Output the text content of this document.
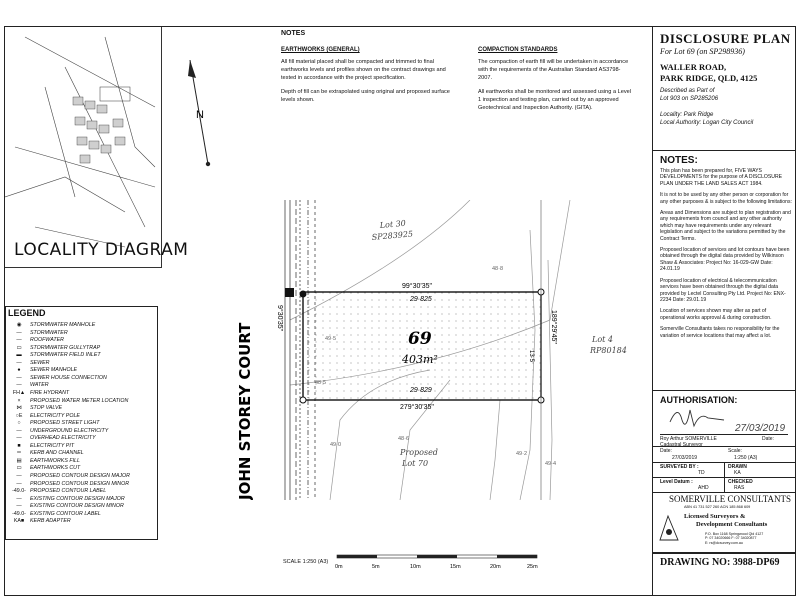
LOCALITY DIAGRAM
N
NOTES
EARTHWORKS (GENERAL)
All fill material placed shall be compacted and trimmed to final earthworks levels and profiles shown on the contract drawings and tested in accordance with the project specification.
Depth of fill can be extrapolated using original and proposed surface levels shown.
COMPACTION STANDARDS
The compaction of earth fill will be undertaken in accordance with the requirements of the Australian Standard AS3798-2007.
All earthworks shall be monitored and assessed using a Level 1 inspection and testing plan, carried out by an approved Geotechnical and Inspection Authority. (GITA).
LEGEND
◉ STORMWATER MANHOLE
— STORMWATER
— ROOFWATER
▭ STORMWATER GULLYTRAP
▬ STORMWATER FIELD INLET
— SEWER
● SEWER MANHOLE
— SEWER HOUSE CONNECTION
— WATER
FH▲ FIRE HYDRANT
× PROPOSED WATER METER LOCATION
⋈ STOP VALVE
○E ELECTRICITY POLE
○ PROPOSED STREET LIGHT
— UNDERGROUND ELECTRICITY
— OVERHEAD ELECTRICITY
■ ELECTRICITY PIT
═ KERB AND CHANNEL
▤ EARTHWORKS FILL
▭ EARTHWORKS CUT
— PROPOSED CONTOUR DESIGN MAJOR
— PROPOSED CONTOUR DESIGN MINOR
-49.0- PROPOSED CONTOUR LABEL
— EXISTING CONTOUR DESIGN MAJOR
— EXISTING CONTOUR DESIGN MINOR
-49.0- EXISTING CONTOUR LABEL
KA■ KERB ADAPTER
Lot 30
SP283925
Lot 4
RP80184
Proposed
Lot 70
69
403m²
99°30'35"
29·825
29·829
279°30'35"
189°29'45"
13·5
9°30'35"
JOHN STOREY COURT	49·5
49·0
48·5
48·6
48·8
49·2
49·4
SCALE 1:250 (A3)
0m	5m	10m	15m	20m	25m
DISCLOSURE PLAN
For Lot 69 (on SP298936)
WALLER ROAD,
PARK RIDGE, QLD, 4125
Described as Part of
Lot 903 on SP285206
Locality: Park Ridge
Local Authority: Logan City Council
NOTES:

This plan has been prepared for, FIVE WAYS DEVELOPMENTS for the purpose of A DISCLOSURE PLAN UNDER THE LAND SALES ACT 1984.

It is not to be used by any other person or corporation for any other purposes & is subject to the following limitations:

Areas and Dimensions are subject to plan registration and any requirements from council and any other authority which may have requirements under any relevant legislation and subject to the variations permitted by the Contract Terms.

Proposed location of services and lot contours have been obtained through the digital data provided by Wilkinson Shaw & Associates: Project No: 16-029-GW Date: 24.01.19

Proposed location of electrical & telecommunication services have been obtained through the digital data provided by Lectel Consulting Pty Ltd. Project No: ENX-2234 Date: 29.01.19

Location of services shown may alter as part of operational works approval & during construction.

Somerville Consultants takes no responsibility for the variation of service locations that may affect a lot.

AUTHORISATION:
27/03/2019
Roy Arthur SOMERVILLE
Cadastral Surveyor
Date:
Date:
27/03/2019
Scale:
1:250 (A3)
SURVEYED BY :
TD
DRAWN
KA
Level Datum :
AHD
CHECKED
RAS
SOMERVILLE CONSULTANTS
ABN 41 731 527 260 ACN 185 868 609
Licensed Surveyors &
Development Consultants
P.O. Box 1168 Springwood Qld 4127
P: 07 34020666 F: 07 34020877
E: rs@dcsurvey.com.au
DRAWING NO: 3988-DP69
